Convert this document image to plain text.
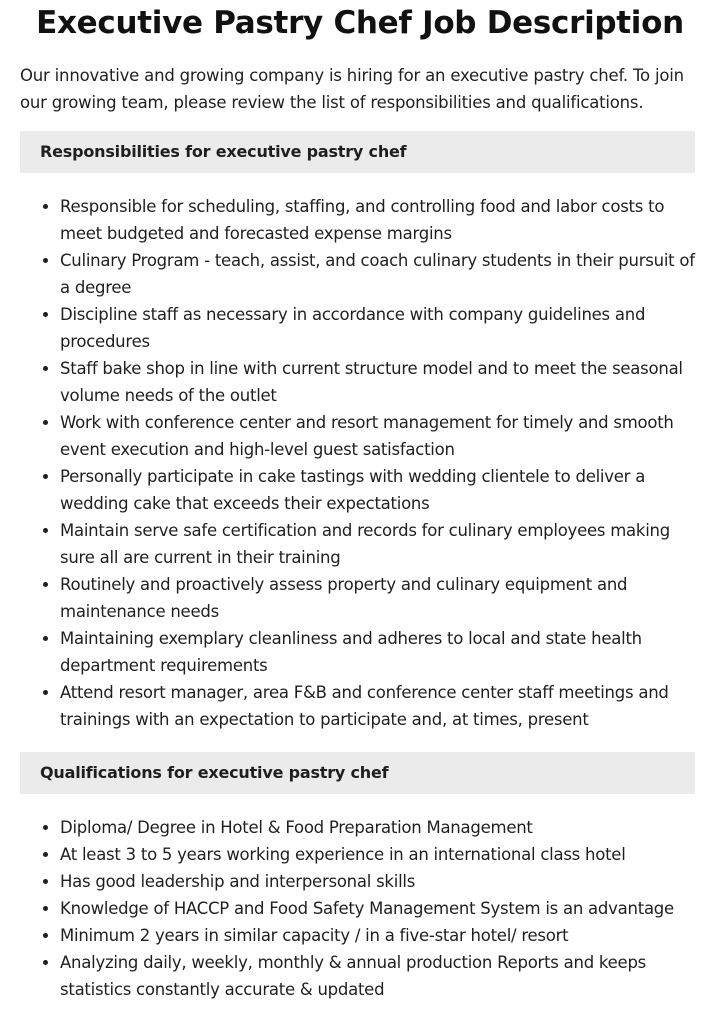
Executive Pastry Chef Job Description

Our innovative and growing company is hiring for an executive pastry chef. To join our growing team, please review the list of responsibilities and qualifications.

Responsibilities for executive pastry chef
• Responsible for scheduling, staffing, and controlling food and labor costs to meet budgeted and forecasted expense margins
• Culinary Program - teach, assist, and coach culinary students in their pursuit of a degree
• Discipline staff as necessary in accordance with company guidelines and procedures
• Staff bake shop in line with current structure model and to meet the seasonal volume needs of the outlet
• Work with conference center and resort management for timely and smooth event execution and high-level guest satisfaction
• Personally participate in cake tastings with wedding clientele to deliver a wedding cake that exceeds their expectations
• Maintain serve safe certification and records for culinary employees making sure all are current in their training
• Routinely and proactively assess property and culinary equipment and maintenance needs
• Maintaining exemplary cleanliness and adheres to local and state health department requirements
• Attend resort manager, area F&B and conference center staff meetings and trainings with an expectation to participate and, at times, present
Qualifications for executive pastry chef
• Diploma/ Degree in Hotel & Food Preparation Management
• At least 3 to 5 years working experience in an international class hotel
• Has good leadership and interpersonal skills
• Knowledge of HACCP and Food Safety Management System is an advantage
• Minimum 2 years in similar capacity / in a five-star hotel/ resort
• Analyzing daily, weekly, monthly & annual production Reports and keeps statistics constantly accurate & updated
